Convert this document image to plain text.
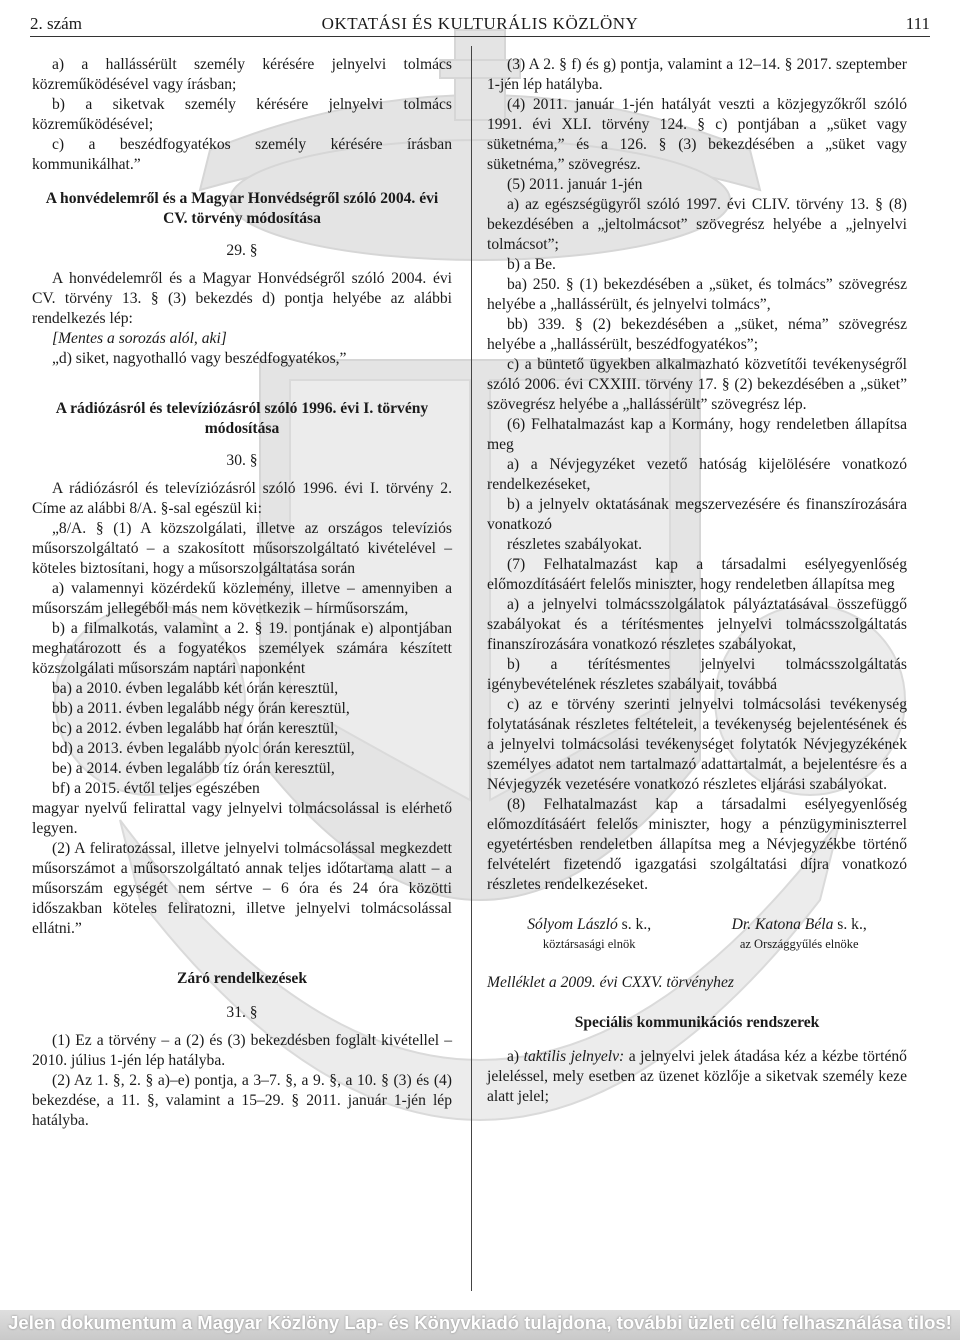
2. szám	OKTATÁSI ÉS KULTURÁLIS KÖZLÖNY	111

a) a hallássérült személy kérésére jelnyelvi tolmács közreműködésével vagy írásban;

b) a siketvak személy kérésére jelnyelvi tolmács közreműködésével;

c) a beszédfogyatékos személy kérésére írásban kommunikálhat.”

A honvédelemről és a Magyar Honvédségről szóló 2004. évi CV. törvény módosítása

29. §

A honvédelemről és a Magyar Honvédségről szóló 2004. évi CV. törvény 13. § (3) bekezdés d) pontja helyébe az alábbi rendelkezés lép:

[Mentes a sorozás alól, aki]

„d) siket, nagyothalló vagy beszédfogyatékos,”

A rádiózásról és televíziózásról szóló 1996. évi I. törvény módosítása

30. §

A rádiózásról és televíziózásról szóló 1996. évi I. törvény 2. Címe az alábbi 8/A. §-sal egészül ki:

„8/A. § (1) A közszolgálati, illetve az országos televíziós műsorszolgáltató – a szakosított műsorszolgáltató kivételével – köteles biztosítani, hogy a műsorszolgáltatása során

a) valamennyi közérdekű közlemény, illetve – amennyiben a műsorszám jellegéből más nem következik – hírműsorszám,

b) a filmalkotás, valamint a 2. § 19. pontjának e) alpontjában meghatározott és a fogyatékos személyek számára készített közszolgálati műsorszám naptári naponként

ba) a 2010. évben legalább két órán keresztül,

bb) a 2011. évben legalább négy órán keresztül,

bc) a 2012. évben legalább hat órán keresztül,

bd) a 2013. évben legalább nyolc órán keresztül,

be) a 2014. évben legalább tíz órán keresztül,

bf) a 2015. évtől teljes egészében

magyar nyelvű felirattal vagy jelnyelvi tolmácsolással is elérhető legyen.

(2) A feliratozással, illetve jelnyelvi tolmácsolással megkezdett műsorszámot a műsorszolgáltató annak teljes időtartama alatt – a műsorszám egységét nem sértve – 6 óra és 24 óra közötti időszakban köteles feliratozni, illetve jelnyelvi tolmácsolással ellátni.”

Záró rendelkezések

31. §

(1) Ez a törvény – a (2) és (3) bekezdésben foglalt kivétellel – 2010. július 1-jén lép hatályba.

(2) Az 1. §, 2. § a)–e) pontja, a 3–7. §, a 9. §, a 10. § (3) és (4) bekezdése, a 11. §, valamint a 15–29. § 2011. január 1-jén lép hatályba.

(3) A 2. § f) és g) pontja, valamint a 12–14. § 2017. szeptember 1-jén lép hatályba.

(4) 2011. január 1-jén hatályát veszti a közjegyzőkről szóló 1991. évi XLI. törvény 124. § c) pontjában a „süket vagy süketnéma,” és a 126. § (3) bekezdésében a „süket vagy süketnéma,” szövegrész.

(5) 2011. január 1-jén

a) az egészségügyről szóló 1997. évi CLIV. törvény 13. § (8) bekezdésében a „jeltolmácsot” szövegrész helyébe a „jelnyelvi tolmácsot”;

b) a Be.

ba) 250. § (1) bekezdésében a „süket, és tolmács” szövegrész helyébe a „hallássérült, és jelnyelvi tolmács”,

bb) 339. § (2) bekezdésében a „süket, néma” szövegrész helyébe a „hallássérült, beszédfogyatékos”;

c) a büntető ügyekben alkalmazható közvetítői tevékenységről szóló 2006. évi CXXIII. törvény 17. § (2) bekezdésében a „süket” szövegrész helyébe a „hallássérült” szövegrész lép.

(6) Felhatalmazást kap a Kormány, hogy rendeletben állapítsa meg

a) a Névjegyzéket vezető hatóság kijelölésére vonatkozó rendelkezéseket,

b) a jelnyelv oktatásának megszervezésére és finanszírozására vonatkozó

részletes szabályokat.

(7) Felhatalmazást kap a társadalmi esélyegyenlőség előmozdításáért felelős miniszter, hogy rendeletben állapítsa meg

a) a jelnyelvi tolmácsszolgálatok pályáztatásával összefüggő szabályokat és a térítésmentes jelnyelvi tolmácsszolgáltatás finanszírozására vonatkozó részletes szabályokat,

b) a térítésmentes jelnyelvi tolmácsszolgáltatás igénybevételének részletes szabályait, továbbá

c) az e törvény szerinti jelnyelvi tolmácsolási tevékenység folytatásának részletes feltételeit, a tevékenység bejelentésének és a jelnyelvi tolmácsolási tevékenységet folytatók Névjegyzékének személyes adatot nem tartalmazó adattartalmát, a bejelentésre és a Névjegyzék vezetésére vonatkozó részletes eljárási szabályokat.

(8) Felhatalmazást kap a társadalmi esélyegyenlőség előmozdításáért felelős miniszter, hogy a pénzügyminiszterrel egyetértésben rendeletben állapítsa meg a Névjegyzékbe történő felvételért fizetendő igazgatási szolgáltatási díjra vonatkozó részletes rendelkezéseket.

Sólyom László s. k.,
köztársasági elnök
Dr. Katona Béla s. k.,
az Országgyűlés elnöke

Melléklet a 2009. évi CXXV. törvényhez

Speciális kommunikációs rendszerek

a) taktilis jelnyelv: a jelnyelvi jelek átadása kéz a kézbe történő jeleléssel, mely esetben az üzenet közlője a siketvak személy keze alatt jelel;

Jelen dokumentum a Magyar Közlöny Lap- és Könyvkiadó tulajdona, további üzleti célú felhasználása tilos!
